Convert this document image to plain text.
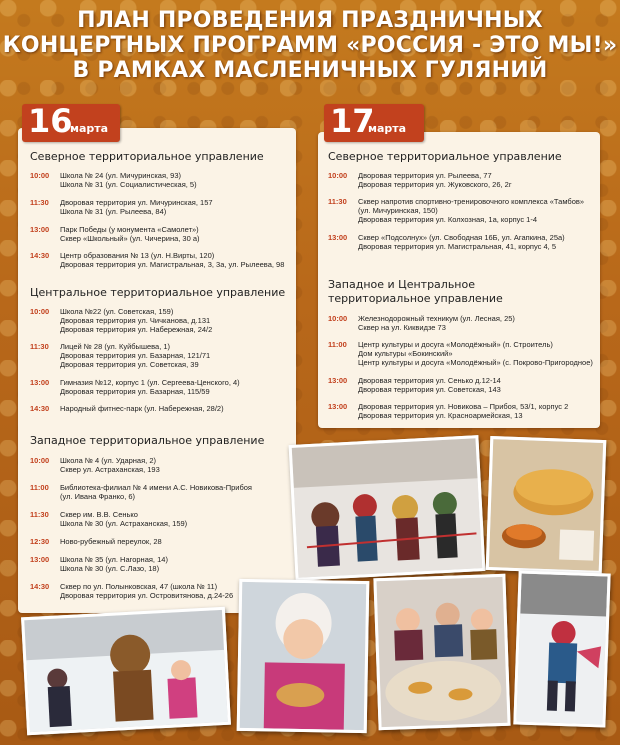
ПЛАН ПРОВЕДЕНИЯ ПРАЗДНИЧНЫХ
КОНЦЕРТНЫХ ПРОГРАММ «РОССИЯ - ЭТО МЫ!»
В РАМКАХ МАСЛЕНИЧНЫХ ГУЛЯНИЙ
Северное территориальное управление
10:00 Школа № 24 (ул. Мичуринская, 93)
Школа № 31 (ул. Социалистическая, 5)
11:30 Дворовая территория ул. Мичуринская, 157
Школа № 31 (ул. Рылеева, 84)
13:00 Парк Победы (у монумента «Самолет»)
Сквер «Школьный» (ул. Чичерина, 30 а)
14:30 Центр образования № 13 (ул. Н.Вирты, 120)
Дворовая территория ул. Магистральная, 3, 3а, ул. Рылеева, 98
Центральное территориальное управление
10:00 Школа №22 (ул. Советская, 159)
Дворовая территория ул. Чичканова, д.131
Дворовая территория ул. Набережная, 24/2
11:30 Лицей № 28 (ул. Куйбышева, 1)
Дворовая территория ул. Базарная, 121/71
Дворовая территория ул. Советская, 39
13:00 Гимназия №12, корпус 1 (ул. Сергеева-Ценского, 4)
Дворовая территория ул. Базарная, 115/59
14:30 Народный фитнес-парк (ул. Набережная, 28/2)
Западное территориальное управление
10:00 Школа № 4 (ул. Ударная, 2)
Сквер ул. Астраханская, 193
11:00 Библиотека-филиал № 4 имени А.С. Новикова-Прибоя
(ул. Ивана Франко, 6)
11:30 Сквер им. В.В. Сенько
Школа № 30 (ул. Астраханская, 159)
12:30 Ново-рубежный переулок, 28
13:00 Школа № 35 (ул. Нагорная, 14)
Школа № 30 (ул. С.Лазо, 18)
14:30 Сквер по ул. Полынковская, 47 (школа № 11)
Дворовая территория ул. Островитянова, д.24-26
16
марта
Северное территориальное управление
10:00 Дворовая территория ул. Рылеева, 77
Дворовая территория ул. Жуковского, 26, 2г
11:30 Сквер напротив спортивно-тренировочного комплекса «Тамбов»
(ул. Мичуринская, 150)
Дворовая территория ул. Колхозная, 1а, корпус 1-4
13:00 Сквер «Подсолнух» (ул. Свободная 16Б, ул. Агапкина, 25а)
Дворовая территория ул. Магистральная, 41, корпус 4, 5
Западное и Центральное
территориальное управление
10:00 Железнодорожный техникум (ул. Лесная, 25)
Сквер на ул. Киквидзе 73
11:00 Центр культуры и досуга «Молодёжный» (п. Строитель)
Дом культуры «Бокинский»
Центр культуры и досуга «Молодёжный» (с. Покрово-Пригородное)
13:00 Дворовая территория ул. Сенько д.12-14
Дворовая территория ул. Советская, 143
13:00 Дворовая территория ул. Новикова – Прибоя, 53/1, корпус 2
Дворовая территория ул. Красноармейская, 13
17
марта
